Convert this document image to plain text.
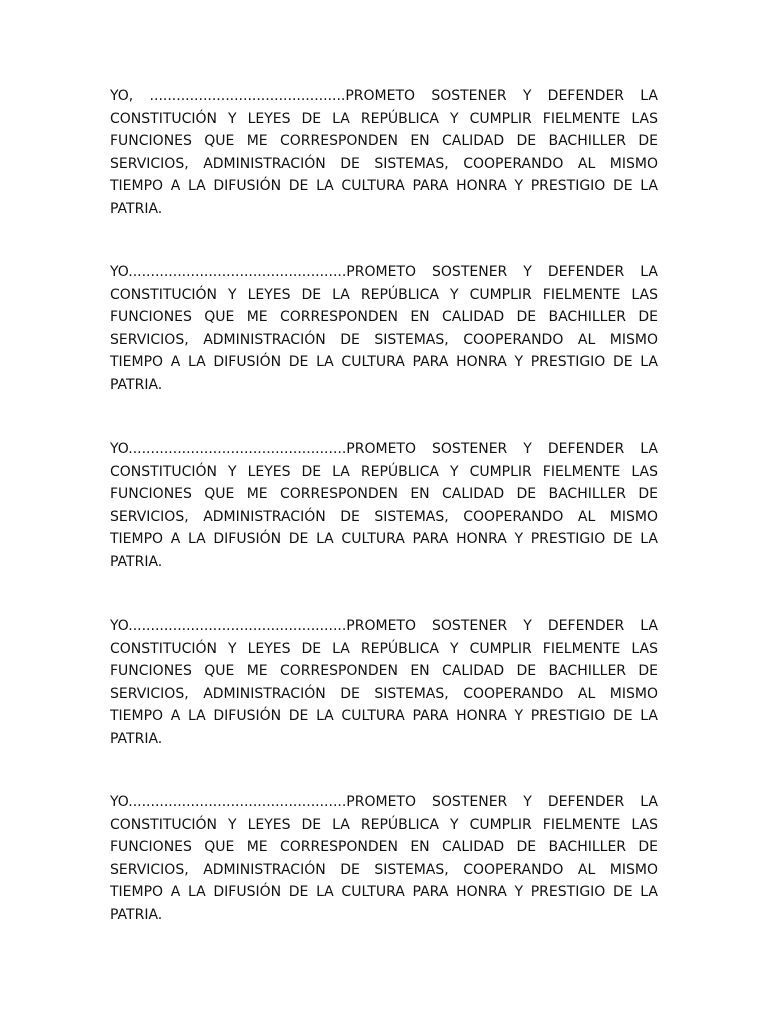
YO, ............................................PROMETO SOSTENER Y DEFENDER LA CONSTITUCIÓN Y LEYES DE LA REPÚBLICA Y CUMPLIR FIELMENTE LAS FUNCIONES QUE ME CORRESPONDEN EN CALIDAD DE BACHILLER DE SERVICIOS, ADMINISTRACIÓN DE SISTEMAS, COOPERANDO AL MISMO TIEMPO A LA DIFUSIÓN DE LA CULTURA PARA HONRA Y PRESTIGIO DE LA PATRIA.

YO.................................................PROMETO SOSTENER Y DEFENDER LA CONSTITUCIÓN Y LEYES DE LA REPÚBLICA Y CUMPLIR FIELMENTE LAS FUNCIONES QUE ME CORRESPONDEN EN CALIDAD DE BACHILLER DE SERVICIOS, ADMINISTRACIÓN DE SISTEMAS, COOPERANDO AL MISMO TIEMPO A LA DIFUSIÓN DE LA CULTURA PARA HONRA Y PRESTIGIO DE LA PATRIA.

YO.................................................PROMETO SOSTENER Y DEFENDER LA CONSTITUCIÓN Y LEYES DE LA REPÚBLICA Y CUMPLIR FIELMENTE LAS FUNCIONES QUE ME CORRESPONDEN EN CALIDAD DE BACHILLER DE SERVICIOS, ADMINISTRACIÓN DE SISTEMAS, COOPERANDO AL MISMO TIEMPO A LA DIFUSIÓN DE LA CULTURA PARA HONRA Y PRESTIGIO DE LA PATRIA.

YO.................................................PROMETO SOSTENER Y DEFENDER LA CONSTITUCIÓN Y LEYES DE LA REPÚBLICA Y CUMPLIR FIELMENTE LAS FUNCIONES QUE ME CORRESPONDEN EN CALIDAD DE BACHILLER DE SERVICIOS, ADMINISTRACIÓN DE SISTEMAS, COOPERANDO AL MISMO TIEMPO A LA DIFUSIÓN DE LA CULTURA PARA HONRA Y PRESTIGIO DE LA PATRIA.

YO.................................................PROMETO SOSTENER Y DEFENDER LA CONSTITUCIÓN Y LEYES DE LA REPÚBLICA Y CUMPLIR FIELMENTE LAS FUNCIONES QUE ME CORRESPONDEN EN CALIDAD DE BACHILLER DE SERVICIOS, ADMINISTRACIÓN DE SISTEMAS, COOPERANDO AL MISMO TIEMPO A LA DIFUSIÓN DE LA CULTURA PARA HONRA Y PRESTIGIO DE LA PATRIA.
